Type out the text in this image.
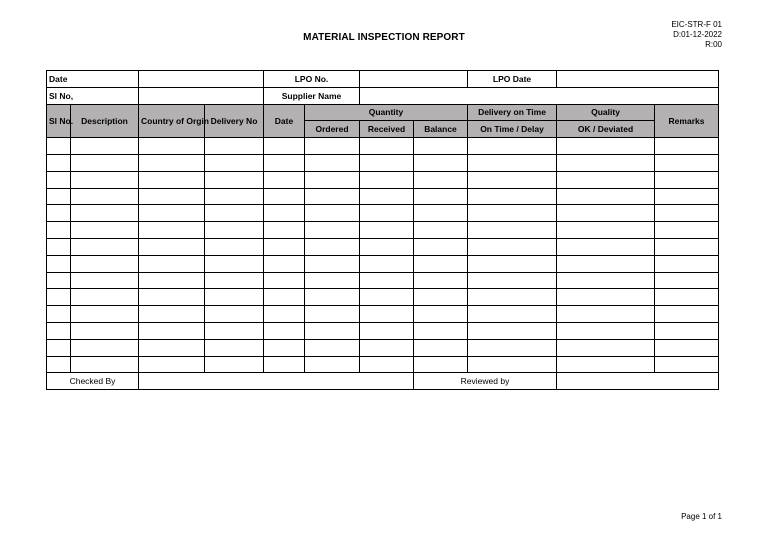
EIC-STR-F 01
D:01-12-2022
R:00
MATERIAL INSPECTION REPORT
Date				LPO No.				LPO Date		
Sl No,				Supplier Name						
Sl No.	Description	Country of Orgin	Delivery No	Date	Quantity			Delivery on Time	Quality	Remarks
					Ordered	Received	Balance	On Time / Delay	OK / Deviated	

Checked By							Reviewed by			
Page 1 of 1
